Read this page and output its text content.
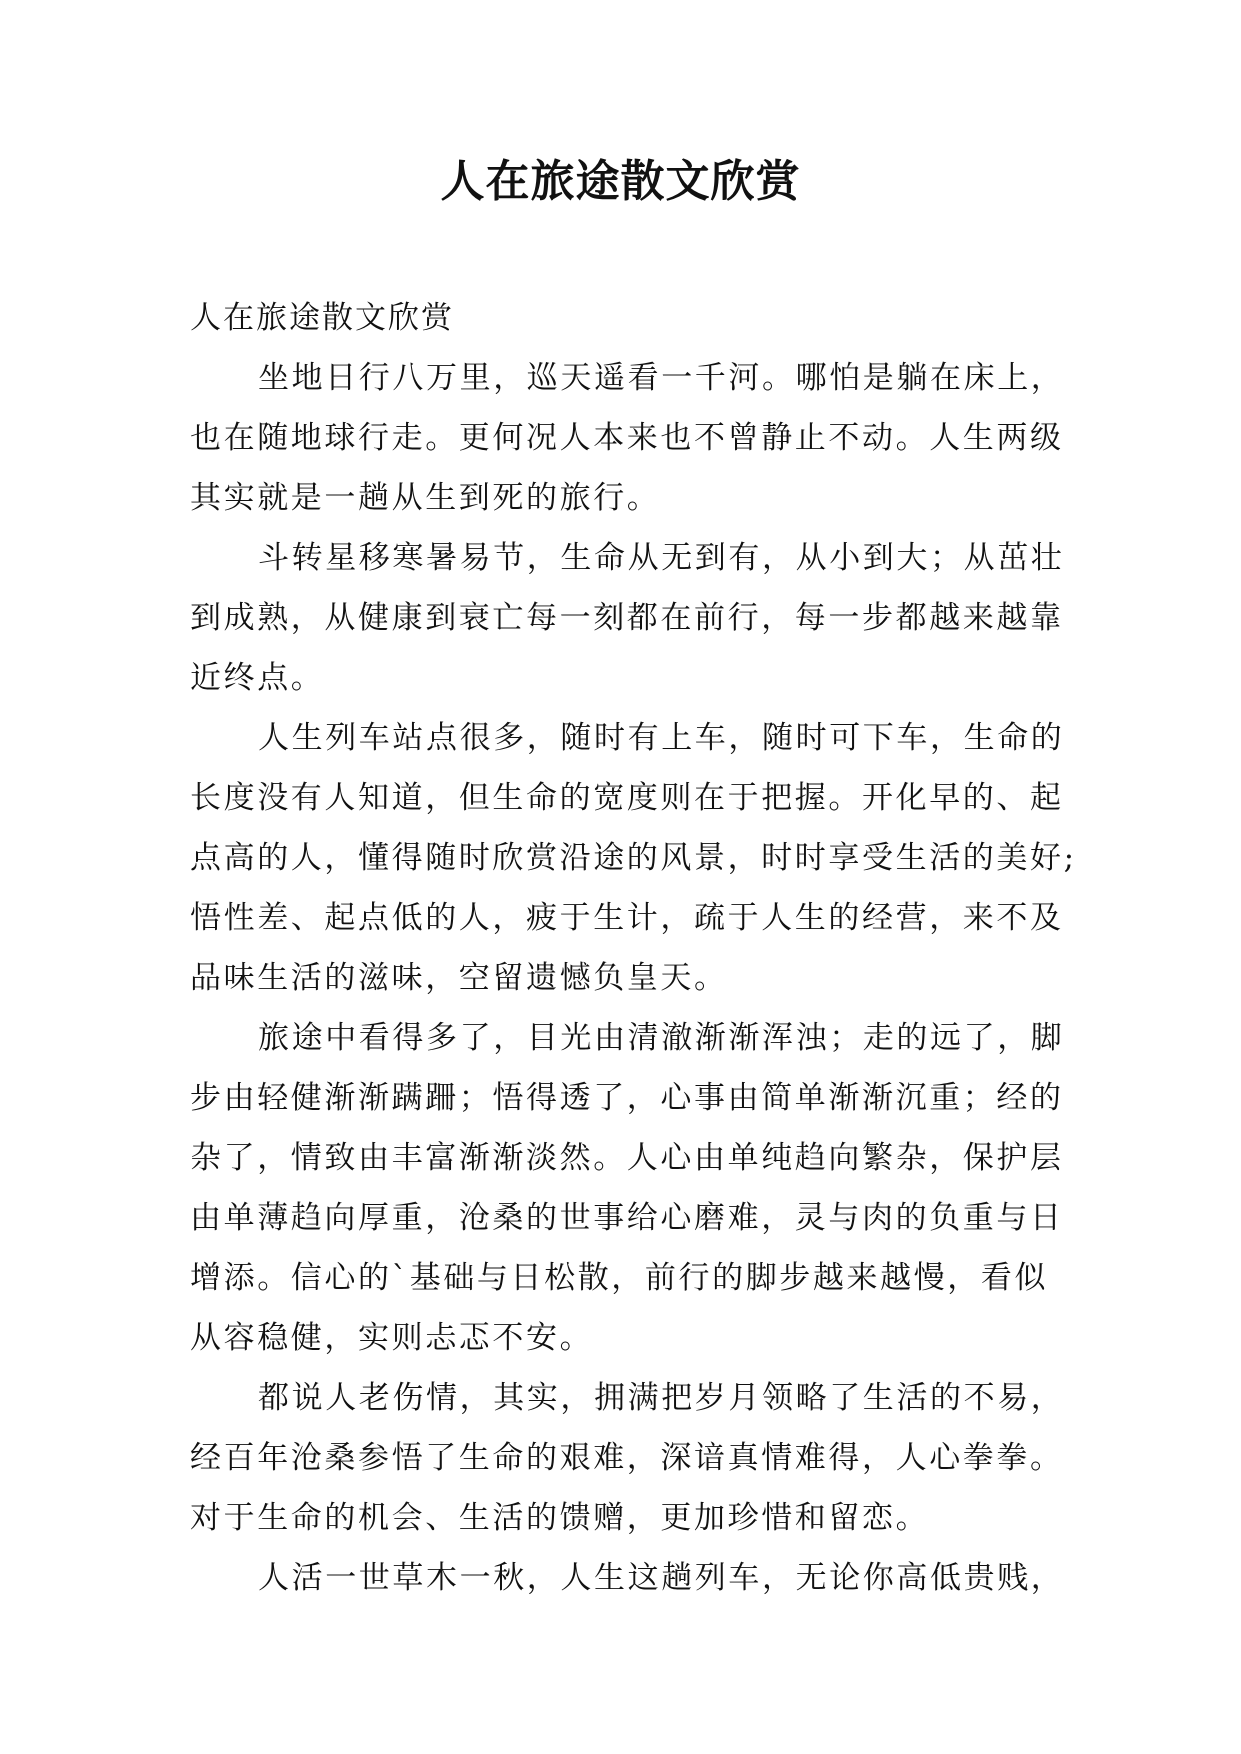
人在旅途散文欣赏

人在旅途散文欣赏

坐地日行八万里，巡天遥看一千河。哪怕是躺在床上，
也在随地球行走。更何况人本来也不曾静止不动。人生两级
其实就是一趟从生到死的旅行。

斗转星移寒暑易节，生命从无到有，从小到大；从茁壮
到成熟，从健康到衰亡每一刻都在前行，每一步都越来越靠
近终点。

人生列车站点很多，随时有上车，随时可下车，生命的
长度没有人知道，但生命的宽度则在于把握。开化早的、起
点高的人，懂得随时欣赏沿途的风景，时时享受生活的美好;
悟性差、起点低的人，疲于生计，疏于人生的经营，来不及
品味生活的滋味，空留遗憾负皇天。

旅途中看得多了，目光由清澈渐渐浑浊；走的远了，脚
步由轻健渐渐蹒跚；悟得透了，心事由简单渐渐沉重；经的
杂了，情致由丰富渐渐淡然。人心由单纯趋向繁杂，保护层
由单薄趋向厚重，沧桑的世事给心磨难，灵与肉的负重与日
增添。信心的`基础与日松散，前行的脚步越来越慢，看似
从容稳健，实则忐忑不安。

都说人老伤情，其实，拥满把岁月领略了生活的不易，
经百年沧桑参悟了生命的艰难，深谙真情难得，人心拳拳。
对于生命的机会、生活的馈赠，更加珍惜和留恋。

人活一世草木一秋，人生这趟列车，无论你高低贵贱，
